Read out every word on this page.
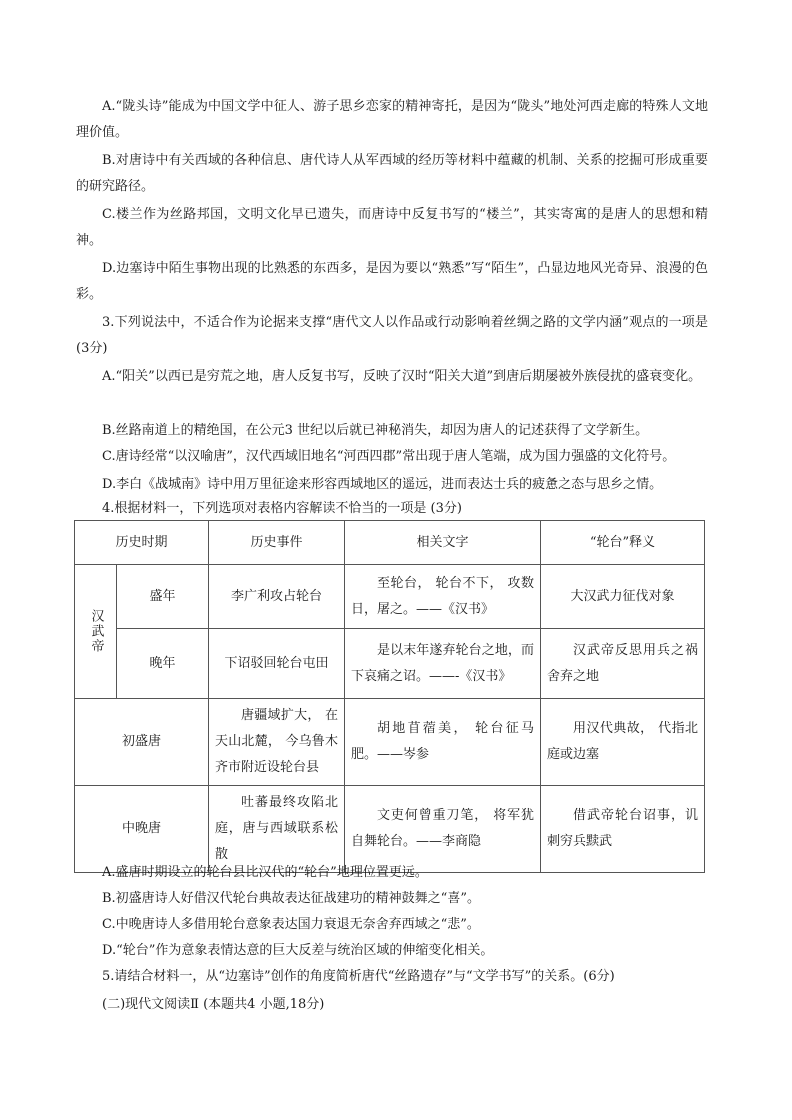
A.“陇头诗”能成为中国文学中征人、游子思乡恋家的精神寄托，是因为“陇头”地处河西走廊的特殊人文地理价值。
B.对唐诗中有关西域的各种信息、唐代诗人从军西域的经历等材料中蕴藏的机制、关系的挖掘可形成重要的研究路径。
C.楼兰作为丝路邦国，文明文化早已遗失，而唐诗中反复书写的“楼兰”，其实寄寓的是唐人的思想和精神。
D.边塞诗中陌生事物出现的比熟悉的东西多，是因为要以“熟悉”写“陌生”，凸显边地风光奇异、浪漫的色彩。
3.下列说法中，不适合作为论据来支撑“唐代文人以作品或行动影响着丝绸之路的文学内涵”观点的一项是 (3分)
A.“阳关”以西已是穷荒之地，唐人反复书写，反映了汉时“阳关大道”到唐后期屡被外族侵扰的盛衰变化。
B.丝路南道上的精绝国，在公元3 世纪以后就已神秘消失，却因为唐人的记述获得了文学新生。
C.唐诗经常“以汉喻唐”，汉代西域旧地名“河西四郡”常出现于唐人笔端，成为国力强盛的文化符号。
D.李白《战城南》诗中用万里征途来形容西域地区的遥远，进而表达士兵的疲惫之态与思乡之情。
4.根据材料一，下列选项对表格内容解读不恰当的一项是 (3分)
历史时期		历史事件	相关文字	“轮台”释义

汉武帝	盛年	李广利攻占轮台	至轮台， 轮台不下， 攻数日，屠之。——《汉书》	大汉武力征伐对象
	晚年	下诏驳回轮台屯田	是以末年遂弃轮台之地，而下哀痛之诏。——-《汉书》	汉武帝反思用兵之祸舍弃之地
初盛唐		唐疆域扩大， 在天山北麓， 今乌鲁木齐市附近设轮台县	胡地苜蓿美， 轮台征马肥。——岑参	用汉代典故， 代指北庭或边塞
中晚唐		吐蕃最终攻陷北庭，唐与西域联系松散	文吏何曾重刀笔， 将军犹自舞轮台。——李商隐	借武帝轮台诏事，讥刺穷兵黩武
A.盛唐时期设立的轮台县比汉代的“轮台”地理位置更远。
B.初盛唐诗人好借汉代轮台典故表达征战建功的精神鼓舞之“喜”。
C.中晚唐诗人多借用轮台意象表达国力衰退无奈舍弃西域之“悲”。
D.“轮台”作为意象表情达意的巨大反差与统治区域的伸缩变化相关。
5.请结合材料一，从“边塞诗”创作的角度简析唐代“丝路遗存”与“文学书写”的关系。(6分)
(二)现代文阅读Ⅱ (本题共4 小题,18分)
